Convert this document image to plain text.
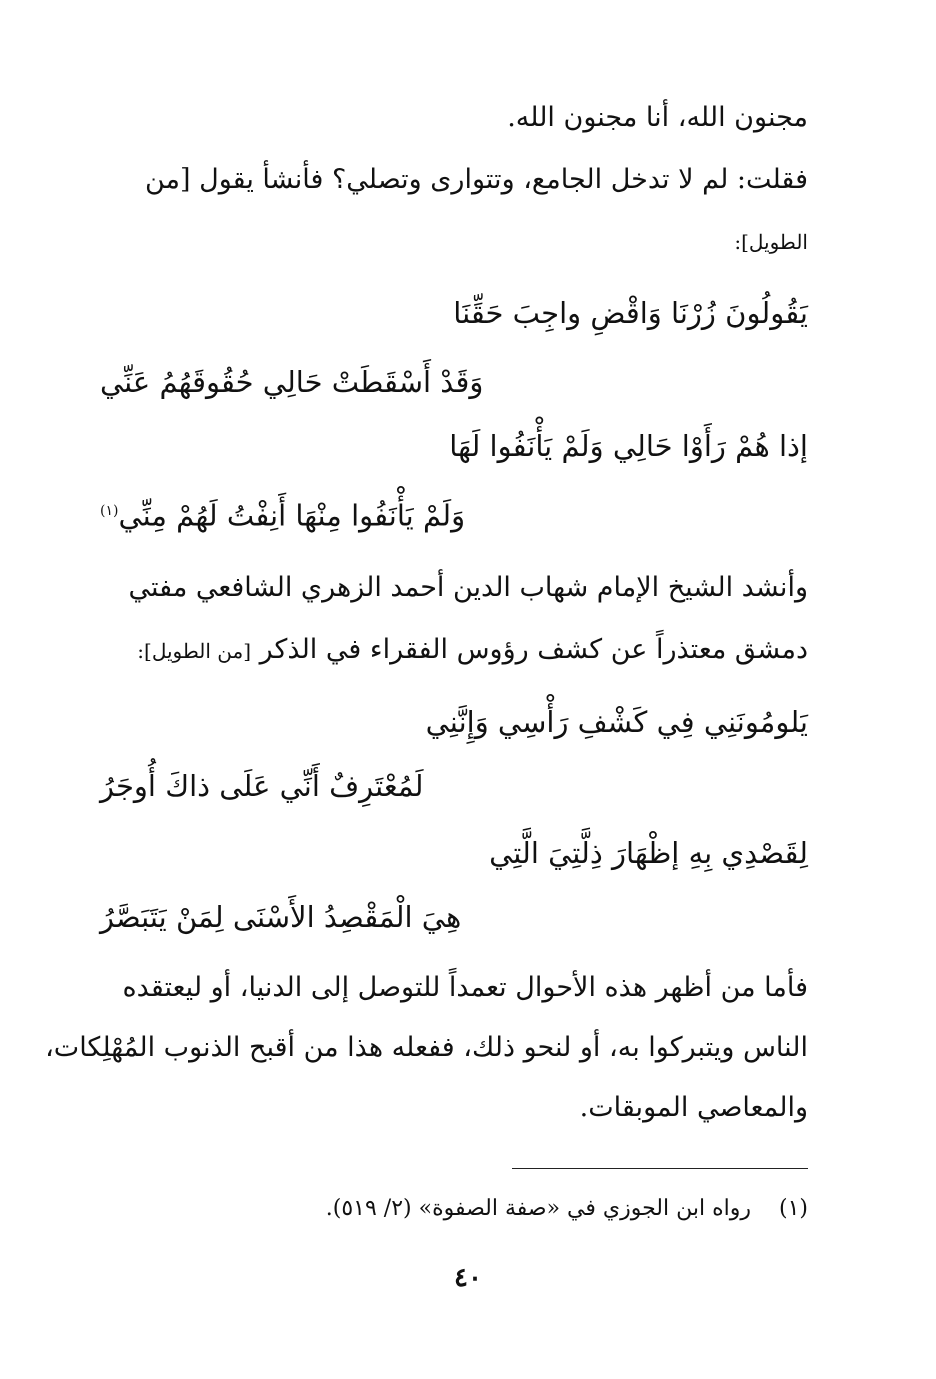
مجنون الله، أنا مجنون الله.
فقلت: لم لا تدخل الجامع، وتتوارى وتصلي؟ فأنشأ يقول [من
الطويل]:
يَقُولُونَ زُرْنَا وَاقْضِ واجِبَ حَقِّنَا
وَقَدْ أَسْقَطَتْ حَالِي حُقُوقَهُمُ عَنِّي
إذا هُمْ رَأَوْا حَالِي وَلَمْ يَأْنَفُوا لَهَا
وَلَمْ يَأْنَفُوا مِنْهَا أَنِفْتُ لَهُمْ مِنِّي$^{(١)}$
وأنشد الشيخ الإمام شهاب الدين أحمد الزهري الشافعي مفتي
دمشق معتذراً عن كشف رؤوس الفقراء في الذكر [من الطويل]:
يَلومُونَنِي فِي كَشْفِ رَأْسِي وَإِنَّنِي
لَمُعْتَرِفٌ أَنِّي عَلَى ذاكَ أُوجَرُ
لِقَصْدِي بِهِ إظْهَارَ ذِلَّتِيَ الَّتِي
هِيَ الْمَقْصِدُ الأَسْنَى لِمَنْ يَتَبَصَّرُ
فأما من أظهر هذه الأحوال تعمداً للتوصل إلى الدنيا، أو ليعتقده
الناس ويتبركوا به، أو لنحو ذلك، ففعله هذا من أقبح الذنوب المُهْلِكات،
والمعاصي الموبقات.
(١)  رواه ابن الجوزي في «صفة الصفوة» (٢/ ٥١٩).
٤٠
